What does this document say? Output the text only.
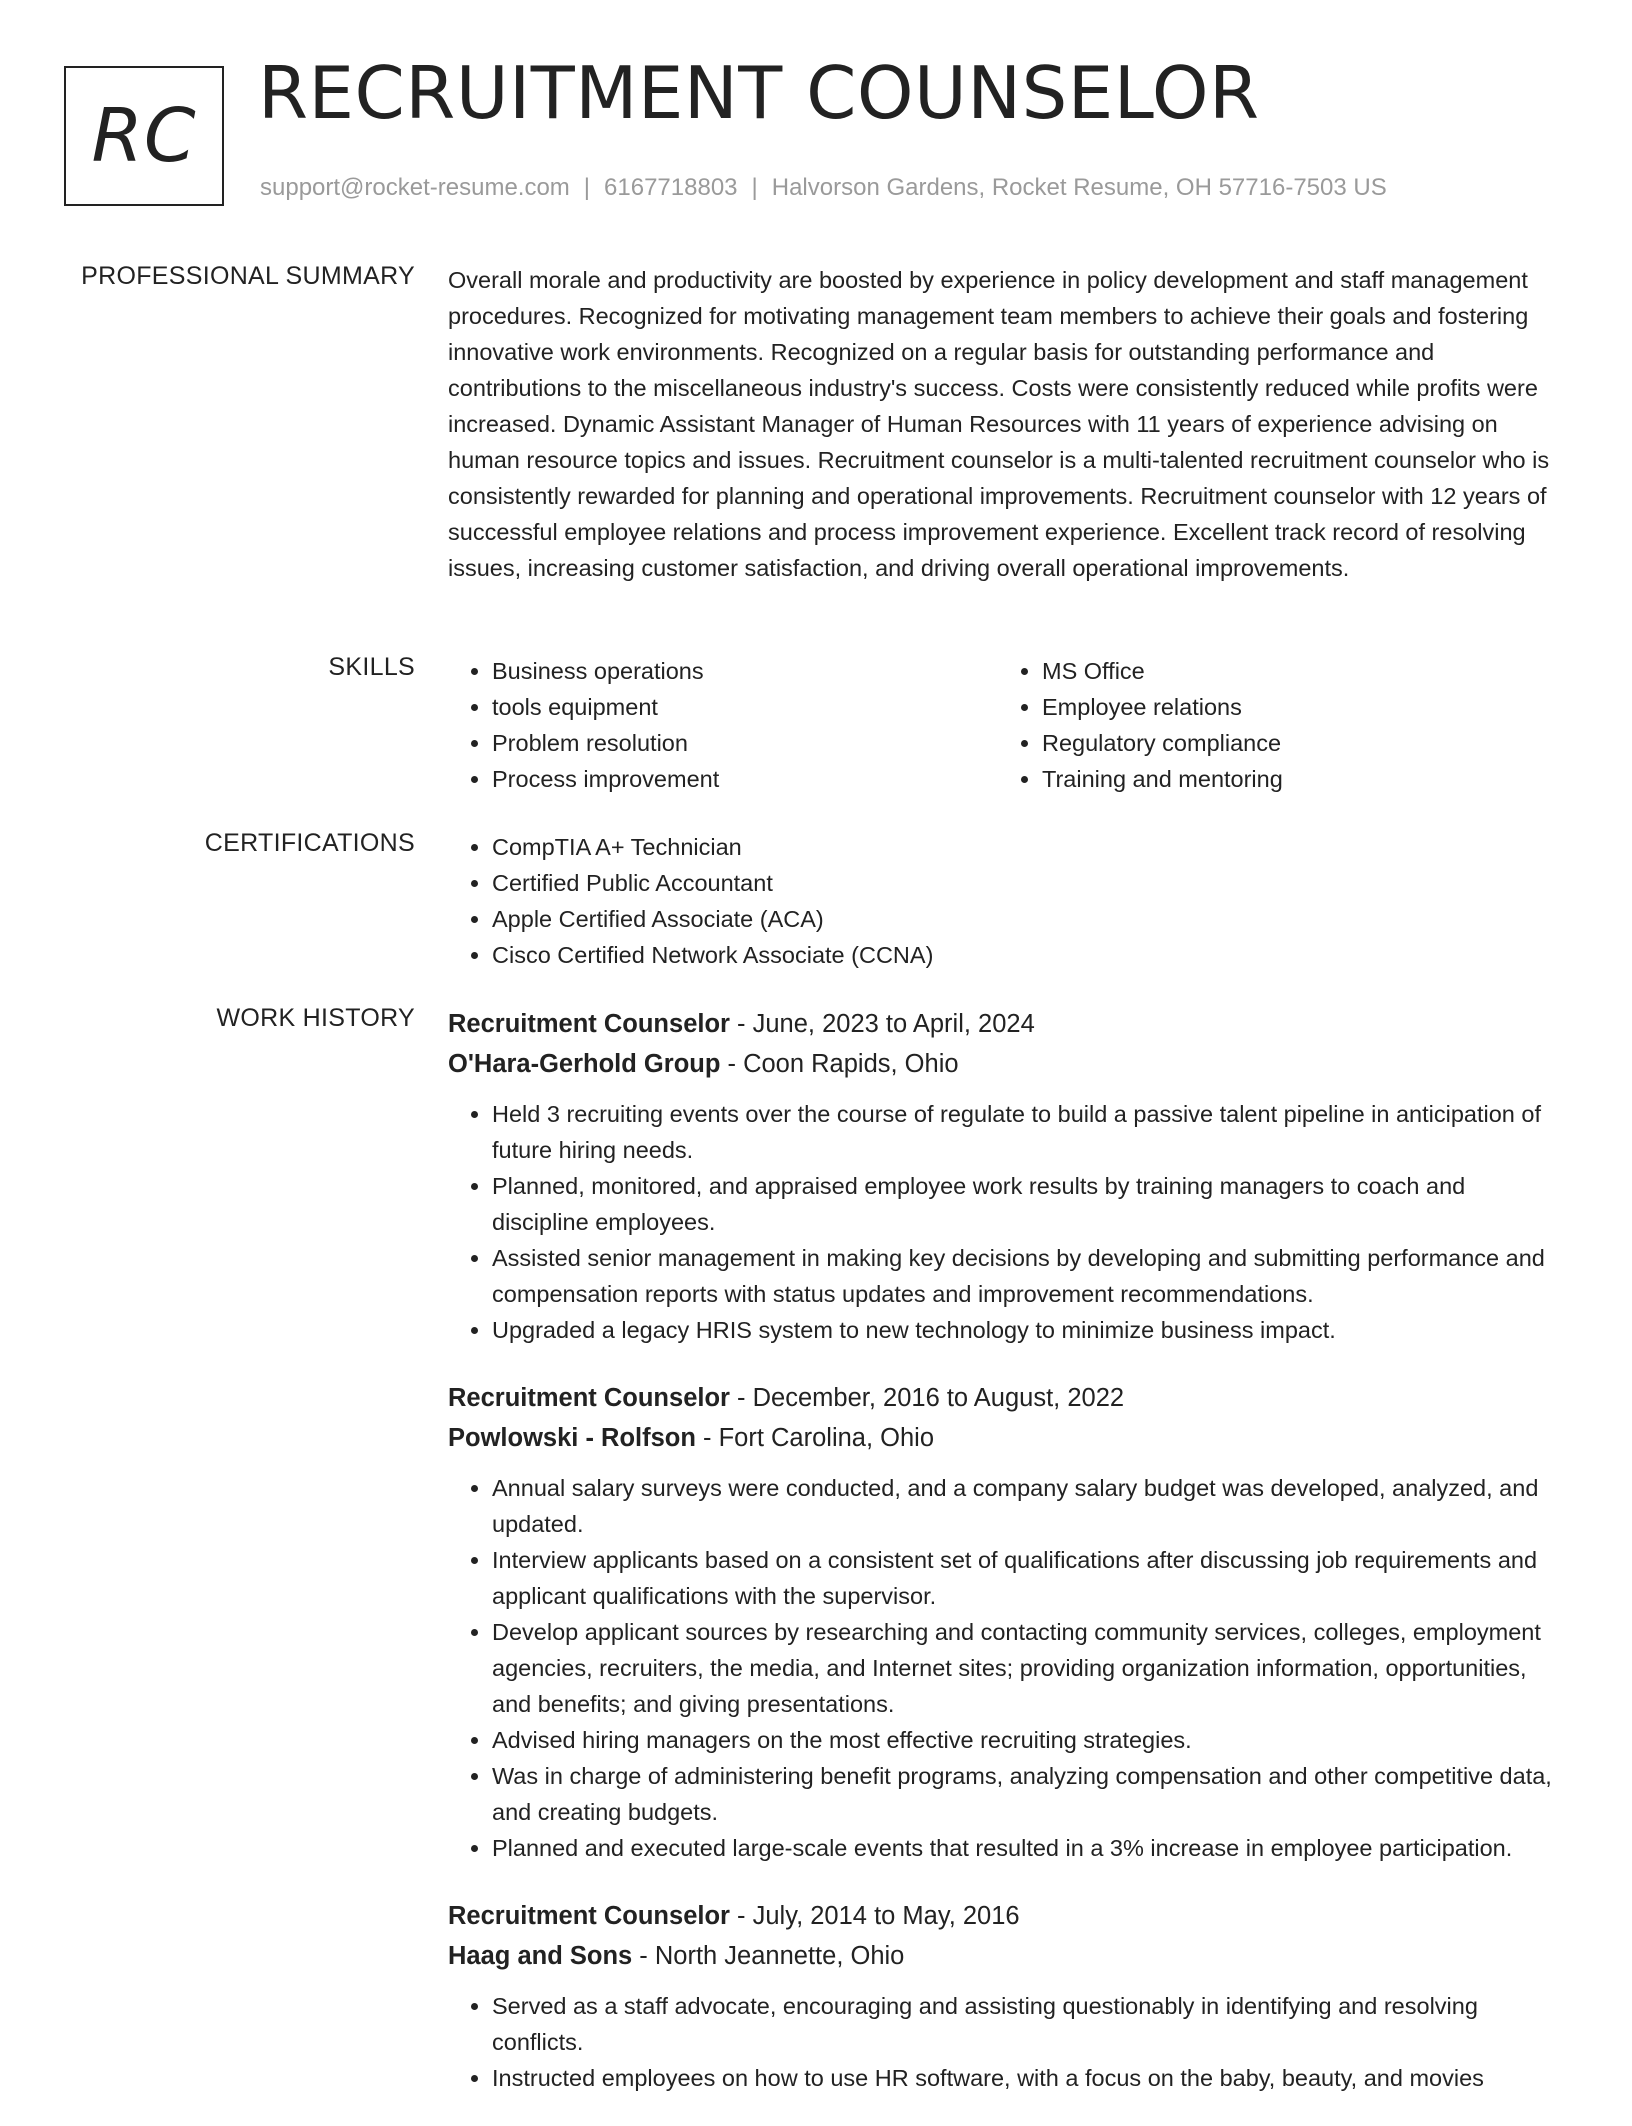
RC RECRUITMENT COUNSELOR
support@rocket-resume.com | 6167718803 | Halvorson Gardens, Rocket Resume, OH 57716-7503 US
PROFESSIONAL SUMMARY Overall morale and productivity are boosted by experience in policy development and staff management procedures. Recognized for motivating management team members to achieve their goals and fostering innovative work environments. Recognized on a regular basis for outstanding performance and contributions to the miscellaneous industry's success. Costs were consistently reduced while profits were increased. Dynamic Assistant Manager of Human Resources with 11 years of experience advising on human resource topics and issues. Recruitment counselor is a multi-talented recruitment counselor who is consistently rewarded for planning and operational improvements. Recruitment counselor with 12 years of successful employee relations and process improvement experience. Excellent track record of resolving issues, increasing customer satisfaction, and driving overall operational improvements.

SKILLS	• Business operations
• tools equipment
• Problem resolution
• Process improvement
• MS Office
• Employee relations
• Regulatory compliance
• Training and mentoring
CERTIFICATIONS	• CompTIA A+ Technician
• Certified Public Accountant
• Apple Certified Associate (ACA)
• Cisco Certified Network Associate (CCNA)
WORK HISTORY Recruitment Counselor - June, 2023 to April, 2024
O'Hara-Gerhold Group - Coon Rapids, Ohio
• Held 3 recruiting events over the course of regulate to build a passive talent pipeline in anticipation of future hiring needs.
• Planned, monitored, and appraised employee work results by training managers to coach and discipline employees.
• Assisted senior management in making key decisions by developing and submitting performance and compensation reports with status updates and improvement recommendations.
• Upgraded a legacy HRIS system to new technology to minimize business impact.
Recruitment Counselor - December, 2016 to August, 2022
Powlowski - Rolfson - Fort Carolina, Ohio
• Annual salary surveys were conducted, and a company salary budget was developed, analyzed, and updated.
• Interview applicants based on a consistent set of qualifications after discussing job requirements and applicant qualifications with the supervisor.
• Develop applicant sources by researching and contacting community services, colleges, employment agencies, recruiters, the media, and Internet sites; providing organization information, opportunities, and benefits; and giving presentations.
• Advised hiring managers on the most effective recruiting strategies.
• Was in charge of administering benefit programs, analyzing compensation and other competitive data, and creating budgets.
• Planned and executed large-scale events that resulted in a 3% increase in employee participation.
Recruitment Counselor - July, 2014 to May, 2016
Haag and Sons - North Jeannette, Ohio
• Served as a staff advocate, encouraging and assisting questionably in identifying and resolving conflicts.
• Instructed employees on how to use HR software, with a focus on the baby, beauty, and movies
